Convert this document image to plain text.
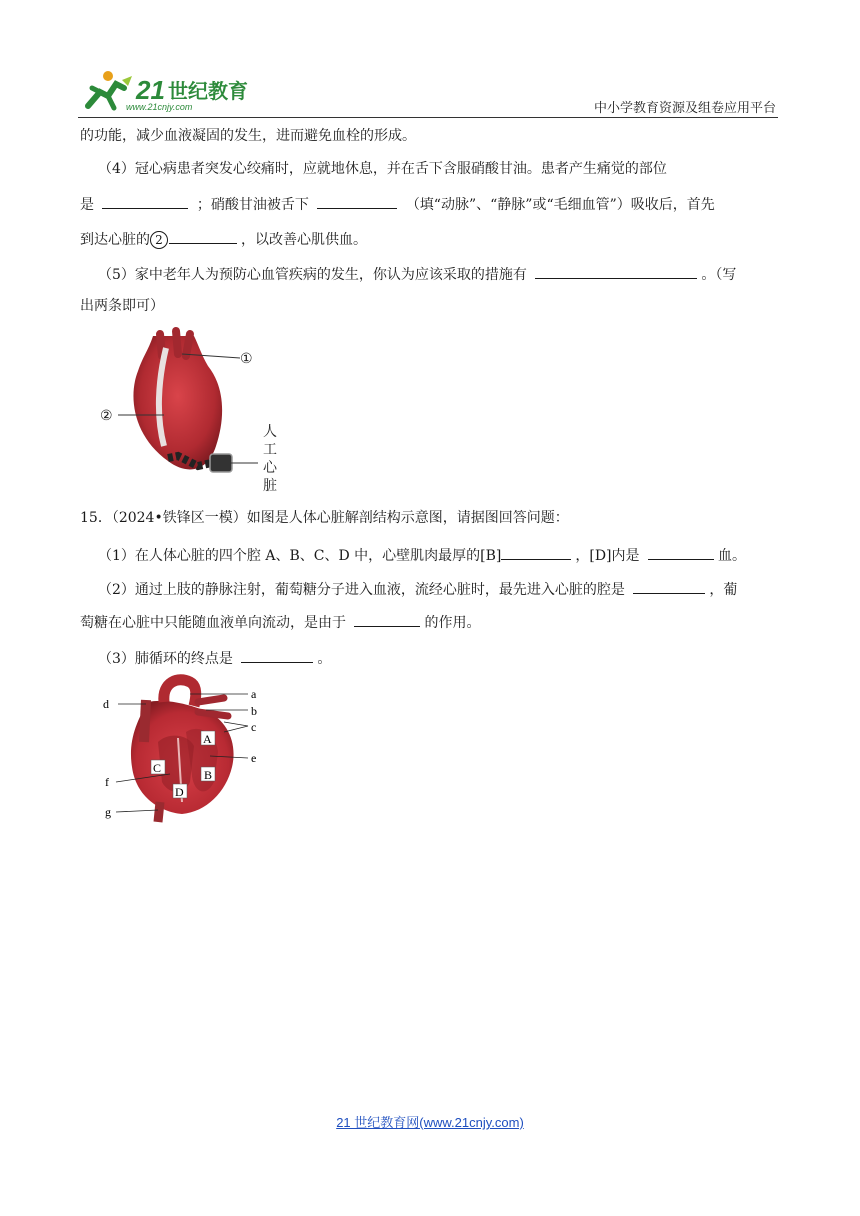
21 世纪教育
www.21cnjy.com	中小学教育资源及组卷应用平台
的功能，减少血液凝固的发生，进而避免血栓的形成。
（4）冠心病患者突发心绞痛时，应就地休息，并在舌下含服硝酸甘油。患者产生痛觉的部位
是	；硝酸甘油被舌下	（填“动脉”、“静脉”或“毛细血管”）吸收后，首先
到达心脏的 2	，以改善心肌供血。
（5）家中老年人为预防心血管疾病的发生，你认为应该采取的措施有	。（写
出两条即可）
①
②
人
工
心
脏
15．（2024•铁锋区一模）如图是人体心脏解剖结构示意图，请据图回答问题：
（1）在人体心脏的四个腔 A、B、C、D 中，心壁肌肉最厚的[B]	，[D]内是	血。
（2）通过上肢的静脉注射，葡萄糖分子进入血液，流经心脏时，最先进入心脏的腔是	，葡
萄糖在心脏中只能随血液单向流动，是由于	的作用。
（3）肺循环的终点是	。
A
B
C
D
a
b
c
e
d
f
g
21 世纪教育网(www.21cnjy.com)
